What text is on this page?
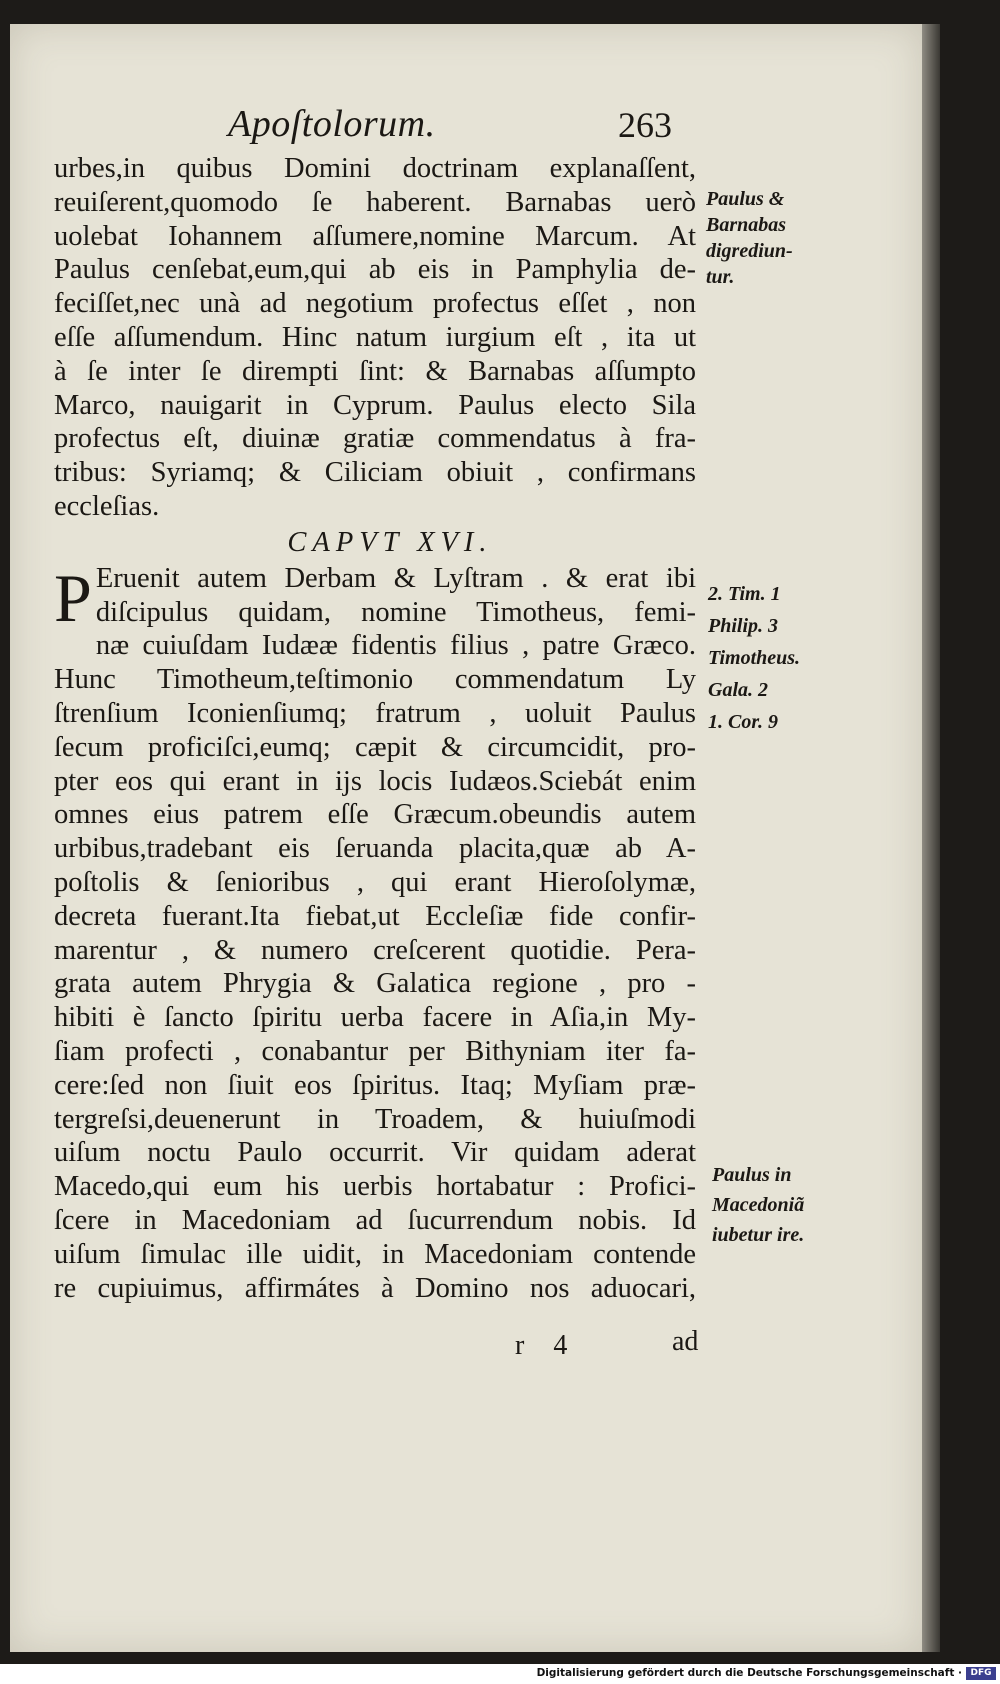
Apoſtolorum.	263
urbes,in quibus Domini doctrinam explanaſſent,
reuiſerent,quomodo ſe haberent. Barnabas uerò
uolebat Iohannem aſſumere,nomine Marcum. At
Paulus cenſebat,eum,qui ab eis in Pamphylia de-
feciſſet,nec unà ad negotium profectus eſſet , non
eſſe aſſumendum. Hinc natum iurgium eſt , ita ut
à ſe inter ſe dirempti ſint: & Barnabas aſſumpto
Marco, nauigarit in Cyprum. Paulus electo Sila
profectus eſt, diuinæ gratiæ commendatus à fra-
tribus: Syriamq; & Ciliciam obiuit , confirmans
eccleſias.
CAPVT XVI.
P Eruenit autem Derbam & Lyſtram . & erat ibi
diſcipulus quidam, nomine Timotheus, femi-
næ cuiuſdam Iudææ fidentis filius , patre Græco.
Hunc Timotheum,teſtimonio commendatum Ly
ſtrenſium Iconienſiumq; fratrum , uoluit Paulus
ſecum proficiſci,eumq; cæpit & circumcidit, pro-
pter eos qui erant in ijs locis Iudæos.Sciebát enim
omnes eius patrem eſſe Græcum.obeundis autem
urbibus,tradebant eis ſeruanda placita,quæ ab A-
poſtolis & ſenioribus , qui erant Hieroſolymæ,
decreta fuerant.Ita fiebat,ut Eccleſiæ fide confir-
marentur , & numero creſcerent quotidie. Pera-
grata autem Phrygia & Galatica regione , pro -
hibiti è ſancto ſpiritu uerba facere in Aſia,in My-
ſiam profecti , conabantur per Bithyniam iter fa-
cere:ſed non ſiuit eos ſpiritus. Itaq; Myſiam præ-
tergreſsi,deuenerunt in Troadem, & huiuſmodi
uiſum noctu Paulo occurrit. Vir quidam aderat
Macedo,qui eum his uerbis hortabatur : Profici-
ſcere in Macedoniam ad ſucurrendum nobis. Id
uiſum ſimulac ille uidit, in Macedoniam contende
re cupiuimus, affirmátes à Domino nos aduocari,
Paulus &
Barnabas
digrediun-
tur.
2. Tim. 1
Philip. 3
Timotheus.
Gala. 2
1. Cor. 9
Paulus in
Macedoniã
iubetur ire.
r 4	ad
Digitalisierung gefördert durch die Deutsche Forschungsgemeinschaft · DFG
